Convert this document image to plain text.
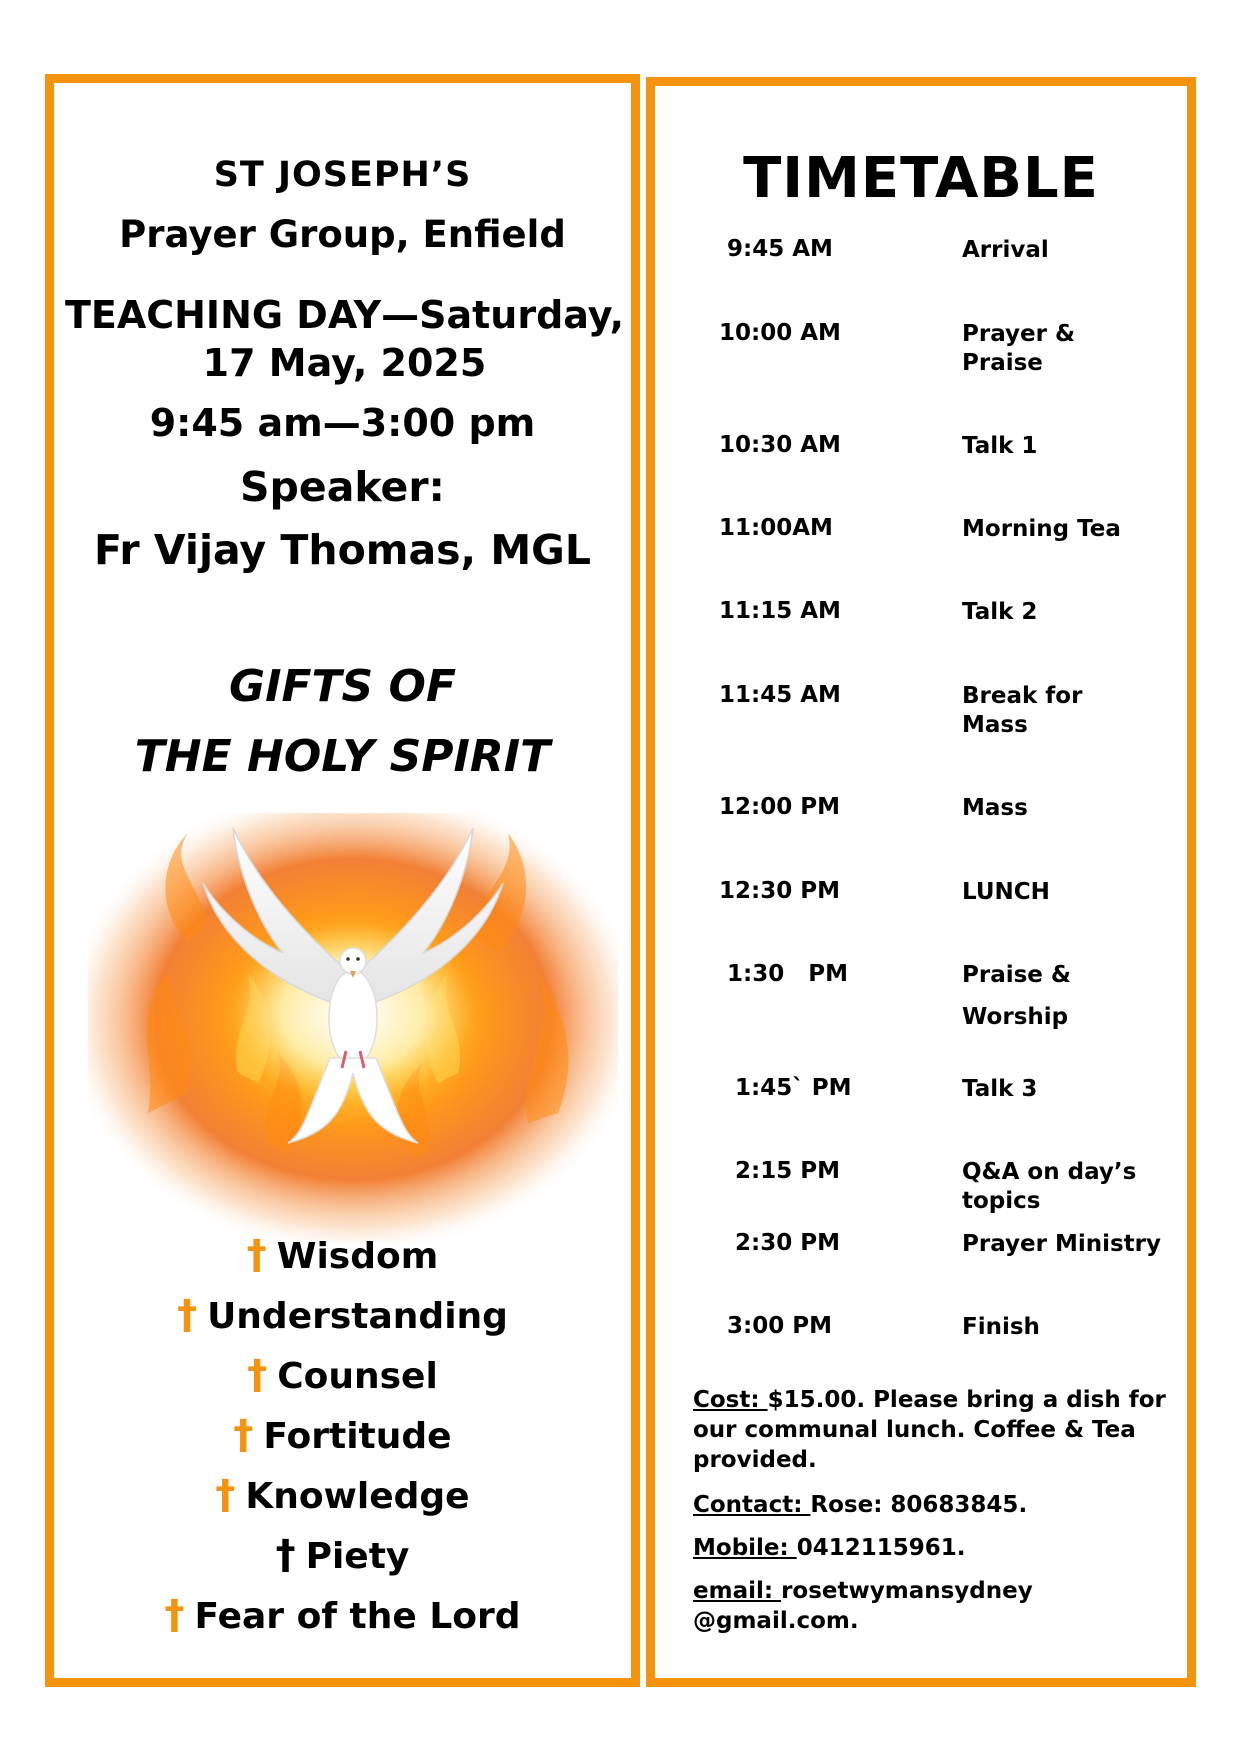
ST JOSEPH’S
Prayer Group, Enfield
TEACHING DAY—Saturday,
17 May, 2025
9:45 am—3:00 pm
Speaker:
Fr Vijay Thomas, MGL
GIFTS OF
THE HOLY SPIRIT
† Wisdom
† Understanding
† Counsel
† Fortitude
† Knowledge
† Piety
† Fear of the Lord
TIMETABLE
9:45 AM	Arrival
10:00 AM	Prayer &
Praise
10:30 AM	Talk 1
11:00AM	Morning Tea
11:15 AM	Talk 2
11:45 AM	Break for
Mass
12:00 PM	Mass
12:30 PM	LUNCH
1:30   PM	Praise &
Worship
1:45` PM	Talk 3
2:15 PM	Q&A on day’s
topics
2:30 PM	Prayer Ministry
3:00 PM	Finish
Cost: $15.00. Please bring a dish for our communal lunch. Coffee & Tea provided.
Contact: Rose: 80683845.
Mobile: 0412115961.
email: rosetwymansydney @gmail.com.
